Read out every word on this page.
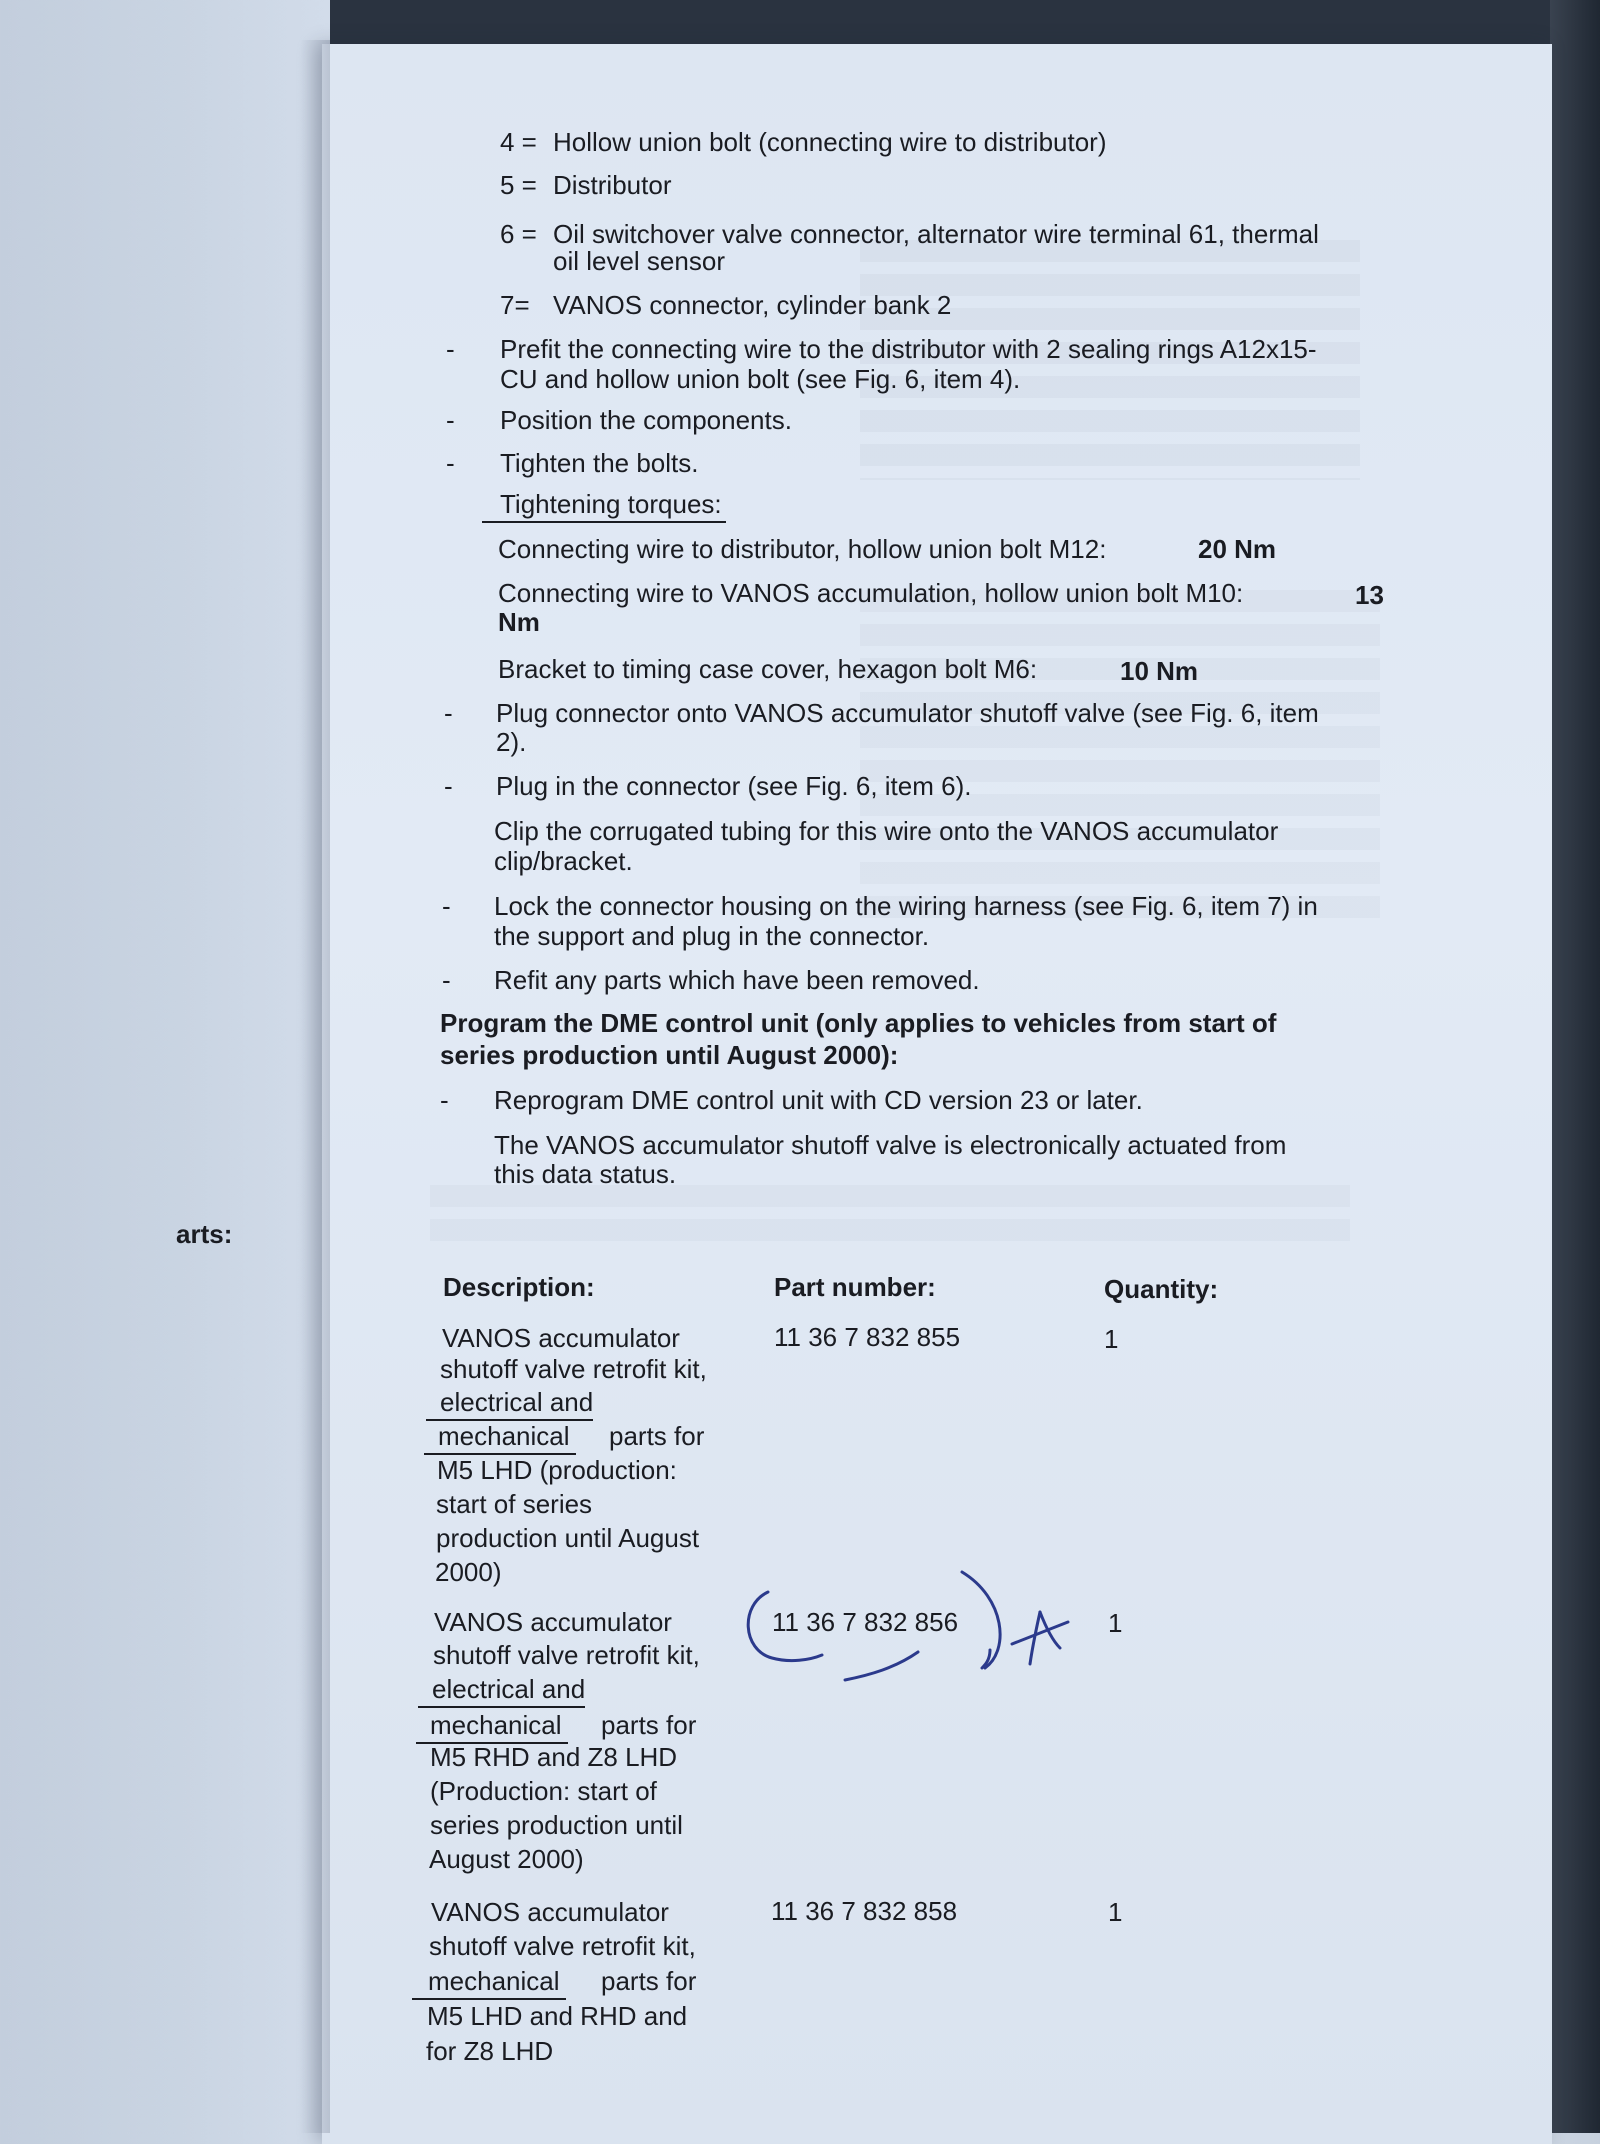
4 = Hollow union bolt (connecting wire to distributor)
5 = Distributor
6 = Oil switchover valve connector, alternator wire terminal 61, thermal
oil level sensor
7= VANOS connector, cylinder bank 2
- Prefit the connecting wire to the distributor with 2 sealing rings A12x15-
CU and hollow union bolt (see Fig. 6, item 4).
- Position the components.
- Tighten the bolts.
Tightening torques:
Connecting wire to distributor, hollow union bolt M12:	20 Nm
Connecting wire to VANOS accumulation, hollow union bolt M10:	13
Nm
Bracket to timing case cover, hexagon bolt M6:	10 Nm
- Plug connector onto VANOS accumulator shutoff valve (see Fig. 6, item
2).
- Plug in the connector (see Fig. 6, item 6).
Clip the corrugated tubing for this wire onto the VANOS accumulator
clip/bracket.
- Lock the connector housing on the wiring harness (see Fig. 6, item 7) in
the support and plug in the connector.
- Refit any parts which have been removed.
Program the DME control unit (only applies to vehicles from start of
series production until August 2000):
- Reprogram DME control unit with CD version 23 or later.
The VANOS accumulator shutoff valve is electronically actuated from
this data status.
arts:
Description:	Part number:	Quantity:
VANOS accumulator
shutoff valve retrofit kit,
electrical and
mechanical parts for
M5 LHD (production:
start of series
production until August
2000)
11 36 7 832 855	1
VANOS accumulator
shutoff valve retrofit kit,
electrical and
mechanical parts for
M5 RHD and Z8 LHD
(Production: start of
series production until
August 2000)
11 36 7 832 856	1
VANOS accumulator
shutoff valve retrofit kit,
mechanical parts for
M5 LHD and RHD and
for Z8 LHD
11 36 7 832 858	1
